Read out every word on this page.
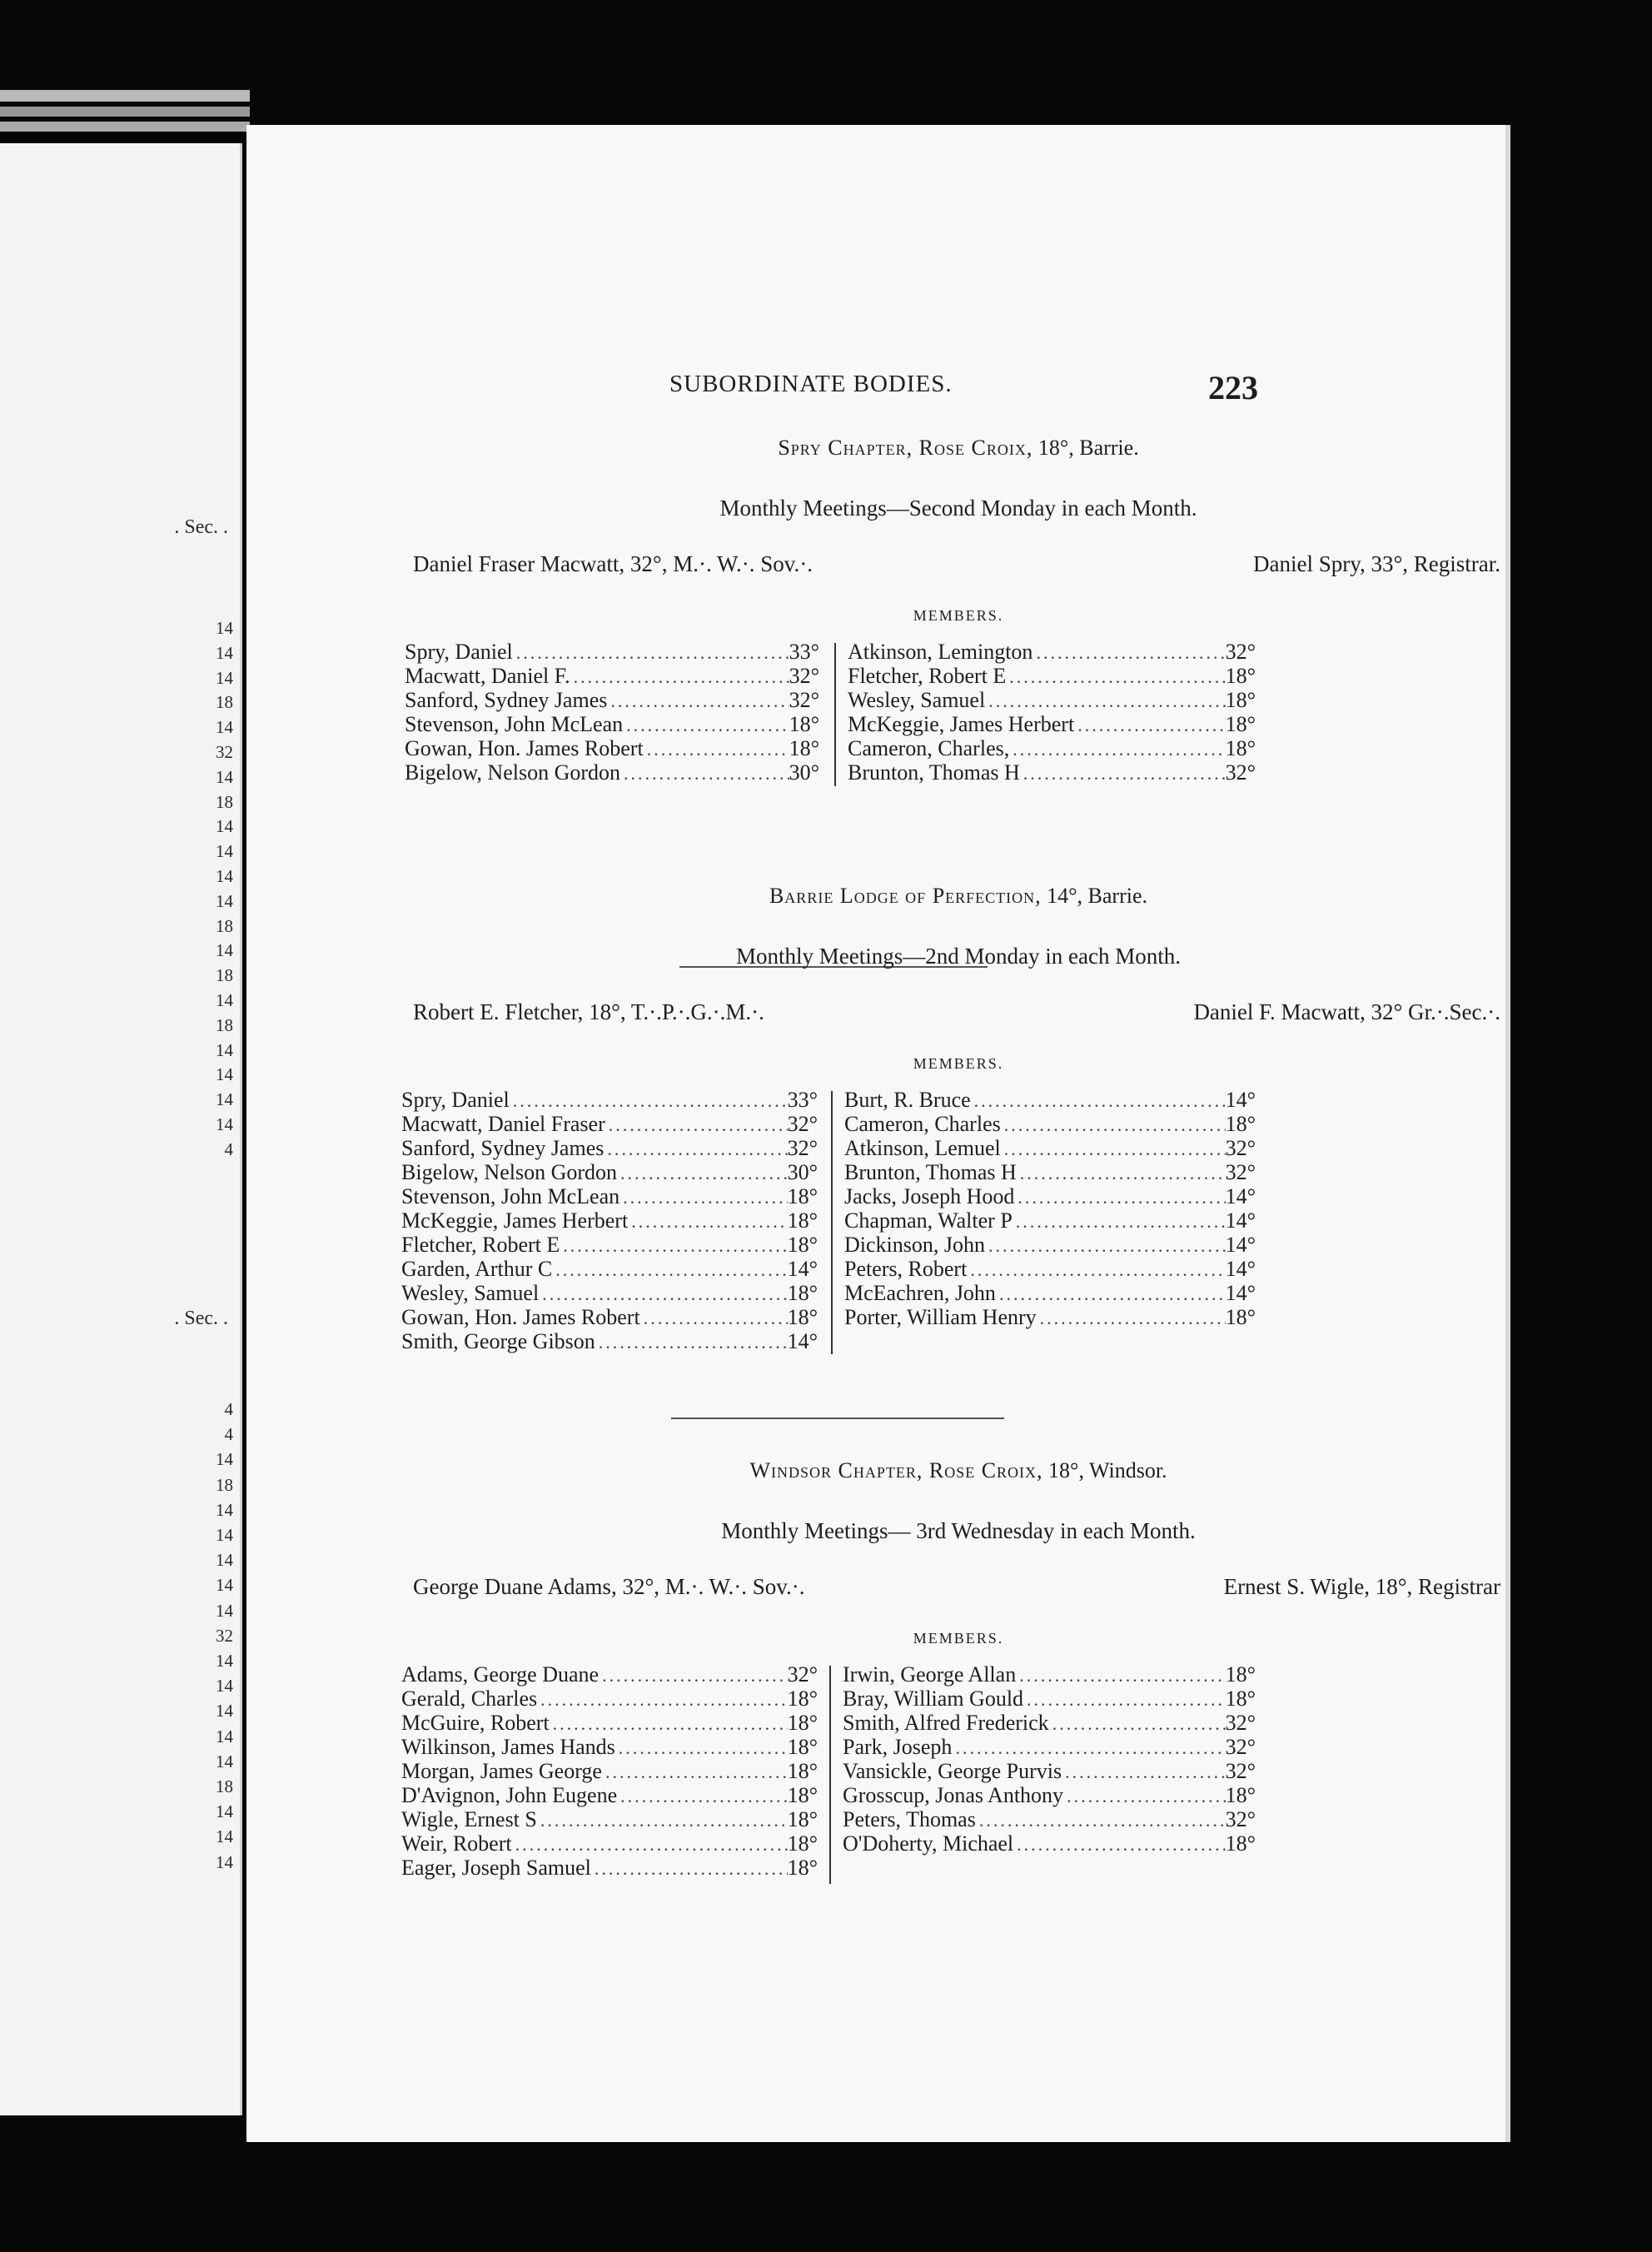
. Sec. .
. Sec. .
14
14
14
18
14
32
14
18
14
14
14
14
18
14
18
14
18
14
14
14
14
4
4
4
14
18
14
14
14
14
14
32
14
14
14
14
14
18
14
14
14
SUBORDINATE BODIES.	223
Spry Chapter, Rose Croix, 18°, Barrie.
Monthly Meetings—Second Monday in each Month.
Daniel Fraser Macwatt, 32°, M.·. W.·. Sov.·.	Daniel Spry, 33°, Registrar.
MEMBERS.
Spry, Daniel .....	33°
Macwatt, Daniel F. .....	32°
Sanford, Sydney James .....	32°
Stevenson, John McLean .....	18°
Gowan, Hon. James Robert .....	18°
Bigelow, Nelson Gordon .....	30°
Atkinson, Lemington .....	32°
Fletcher, Robert E .....	18°
Wesley, Samuel .....	18°
McKeggie, James Herbert .....	18°
Cameron, Charles, .....	18°
Brunton, Thomas H .....	32°
Barrie Lodge of Perfection, 14°, Barrie.
Monthly Meetings—2nd Monday in each Month.
Robert E. Fletcher, 18°, T.·.P.·.G.·.M.·.	Daniel F. Macwatt, 32° Gr.·.Sec.·.
MEMBERS.
Spry, Daniel .....	33°
Macwatt, Daniel Fraser .....	32°
Sanford, Sydney James .....	32°
Bigelow, Nelson Gordon .....	30°
Stevenson, John McLean .....	18°
McKeggie, James Herbert .....	18°
Fletcher, Robert E .....	18°
Garden, Arthur C .....	14°
Wesley, Samuel .....	18°
Gowan, Hon. James Robert .....	18°
Smith, George Gibson .....	14°
Burt, R. Bruce .....	14°
Cameron, Charles .....	18°
Atkinson, Lemuel .....	32°
Brunton, Thomas H .....	32°
Jacks, Joseph Hood .....	14°
Chapman, Walter P .....	14°
Dickinson, John .....	14°
Peters, Robert .....	14°
McEachren, John .....	14°
Porter, William Henry .....	18°
Windsor Chapter, Rose Croix, 18°, Windsor.
Monthly Meetings— 3rd Wednesday in each Month.
George Duane Adams, 32°, M.·. W.·. Sov.·.	Ernest S. Wigle, 18°, Registrar
MEMBERS.
Adams, George Duane .....	32°
Gerald, Charles .....	18°
McGuire, Robert .....	18°
Wilkinson, James Hands .....	18°
Morgan, James George .....	18°
D'Avignon, John Eugene .....	18°
Wigle, Ernest S .....	18°
Weir, Robert .....	18°
Eager, Joseph Samuel .....	18°
Irwin, George Allan .....	18°
Bray, William Gould .....	18°
Smith, Alfred Frederick .....	32°
Park, Joseph .....	32°
Vansickle, George Purvis .....	32°
Grosscup, Jonas Anthony .....	18°
Peters, Thomas .....	32°
O'Doherty, Michael .....	18°
